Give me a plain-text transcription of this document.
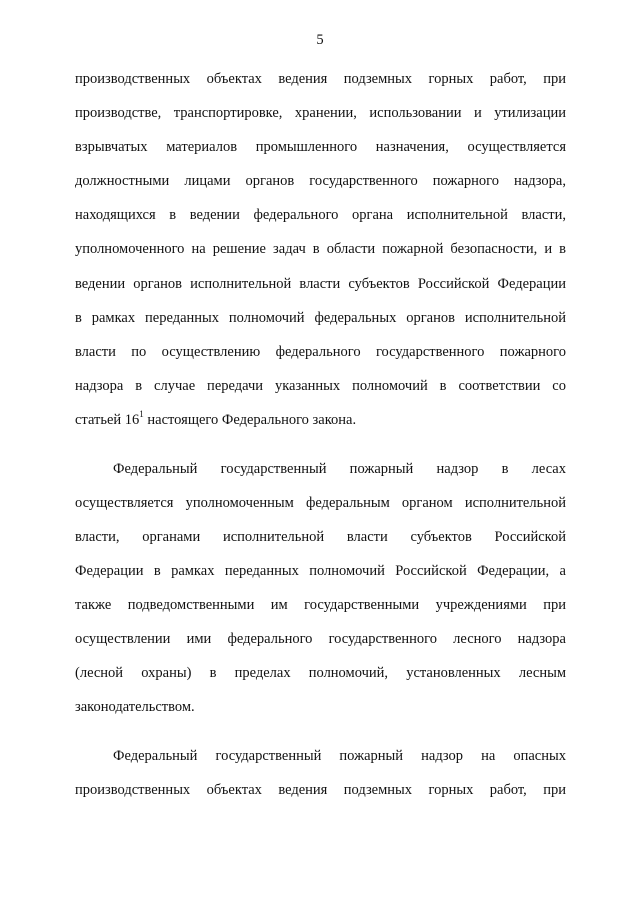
5
производственных объектах ведения подземных горных работ, при
производстве, транспортировке, хранении, использовании и утилизации
взрывчатых материалов промышленного назначения, осуществляется
должностными лицами органов государственного пожарного надзора,
находящихся в ведении федерального органа исполнительной власти,
уполномоченного на решение задач в области пожарной безопасности, и в
ведении органов исполнительной власти субъектов Российской Федерации
в рамках переданных полномочий федеральных органов исполнительной
власти по осуществлению федерального государственного пожарного
надзора в случае передачи указанных полномочий в соответствии со
статьей $16^1$ настоящего Федерального закона.
Федеральный государственный пожарный надзор в лесах
осуществляется уполномоченным федеральным органом исполнительной
власти, органами исполнительной власти субъектов Российской
Федерации в рамках переданных полномочий Российской Федерации, а
также подведомственными им государственными учреждениями при
осуществлении ими федерального государственного лесного надзора
(лесной охраны) в пределах полномочий, установленных лесным
законодательством.
Федеральный государственный пожарный надзор на опасных
производственных объектах ведения подземных горных работ, при
